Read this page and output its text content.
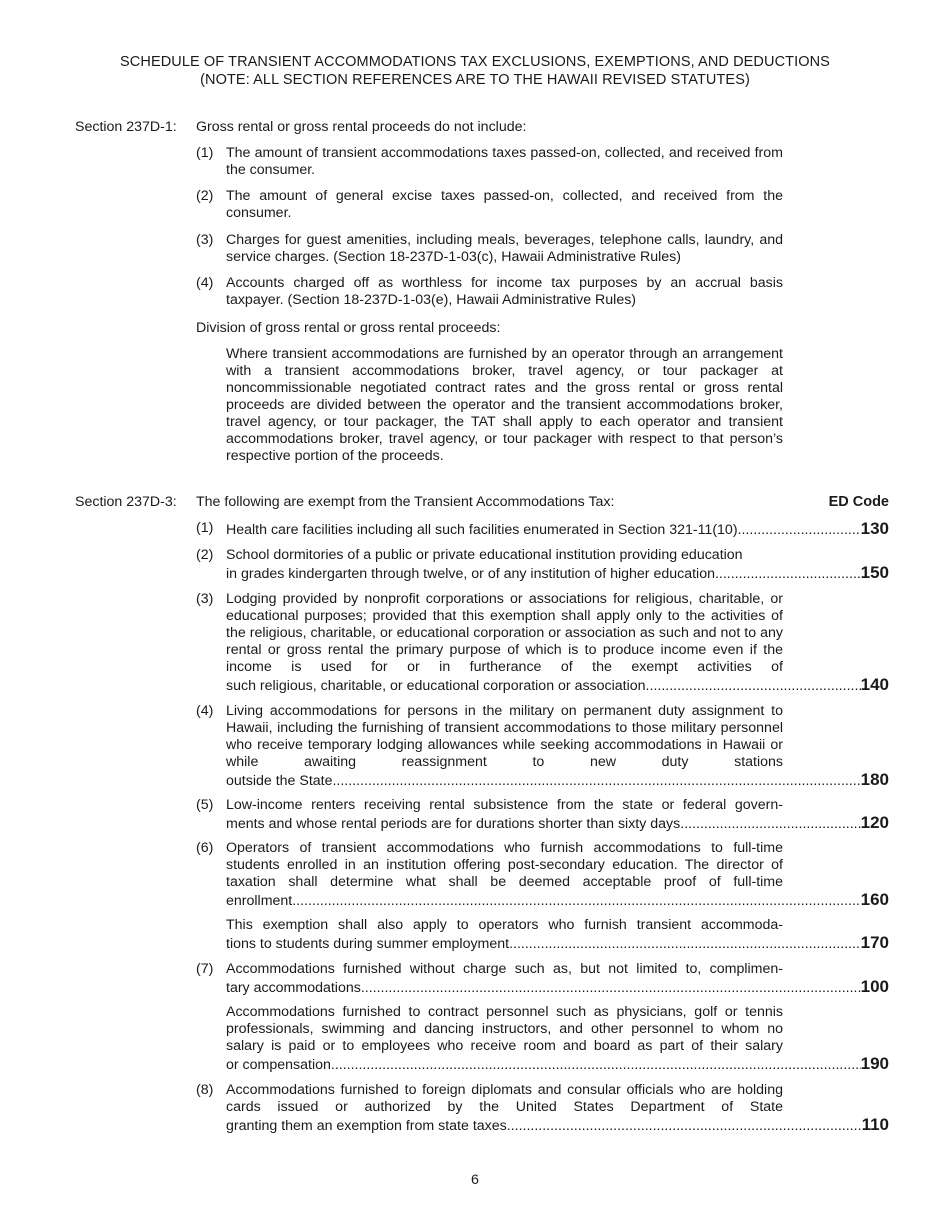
SCHEDULE OF TRANSIENT ACCOMMODATIONS TAX EXCLUSIONS, EXEMPTIONS, AND DEDUCTIONS
(NOTE: ALL SECTION REFERENCES ARE TO THE HAWAII REVISED STATUTES)
Section 237D-1: Gross rental or gross rental proceeds do not include:
(1) The amount of transient accommodations taxes passed-on, collected, and received from the consumer.
(2) The amount of general excise taxes passed-on, collected, and received from the consumer.
(3) Charges for guest amenities, including meals, beverages, telephone calls, laundry, and service charges. (Section 18-237D-1-03(c), Hawaii Administrative Rules)
(4) Accounts charged off as worthless for income tax purposes by an accrual basis taxpayer. (Section 18-237D-1-03(e), Hawaii Administrative Rules)
Division of gross rental or gross rental proceeds:
Where transient accommodations are furnished by an operator through an arrangement with a transient accommodations broker, travel agency, or tour packager at noncommissionable negotiated contract rates and the gross rental or gross rental proceeds are divided between the operator and the transient accommodations broker, travel agency, or tour packager, the TAT shall apply to each operator and transient accommodations broker, travel agency, or tour packager with respect to that person’s respective portion of the proceeds.
Section 237D-3: The following are exempt from the Transient Accommodations Tax:	ED Code
(1) Health care facilities including all such facilities enumerated in Section 321-11(10) .....	130
(2) School dormitories of a public or private educational institution providing education
in grades kindergarten through twelve, or of any institution of higher education .....	150
(3) Lodging provided by nonprofit corporations or associations for religious, charitable, or educational purposes; provided that this exemption shall apply only to the activities of the religious, charitable, or educational corporation or association as such and not to any rental or gross rental the primary purpose of which is to produce income even if the income is used for or in furtherance of the exempt activities of
such religious, charitable, or educational corporation or association. .....	140
(4) Living accommodations for persons in the military on permanent duty assignment to Hawaii, including the furnishing of transient accommodations to those military personnel who receive temporary lodging allowances while seeking accommodations in Hawaii or while awaiting reassignment to new duty stations
outside the State .....	180
(5) Low-income renters receiving rental subsistence from the state or federal govern-
ments and whose rental periods are for durations shorter than sixty days. .....	120
(6) Operators of transient accommodations who furnish accommodations to full-time students enrolled in an institution offering post-secondary education. The director of taxation shall determine what shall be deemed acceptable proof of full-time
enrollment. .....	160
This exemption shall also apply to operators who furnish transient accommoda-
tions to students during summer employment .....	170
(7) Accommodations furnished without charge such as, but not limited to, complimen-
tary accommodations .....	100
Accommodations furnished to contract personnel such as physicians, golf or tennis professionals, swimming and dancing instructors, and other personnel to whom no salary is paid or to employees who receive room and board as part of their salary
or compensation. .....	190
(8) Accommodations furnished to foreign diplomats and consular officials who are holding cards issued or authorized by the United States Department of State
granting them an exemption from state taxes .....	110
6
